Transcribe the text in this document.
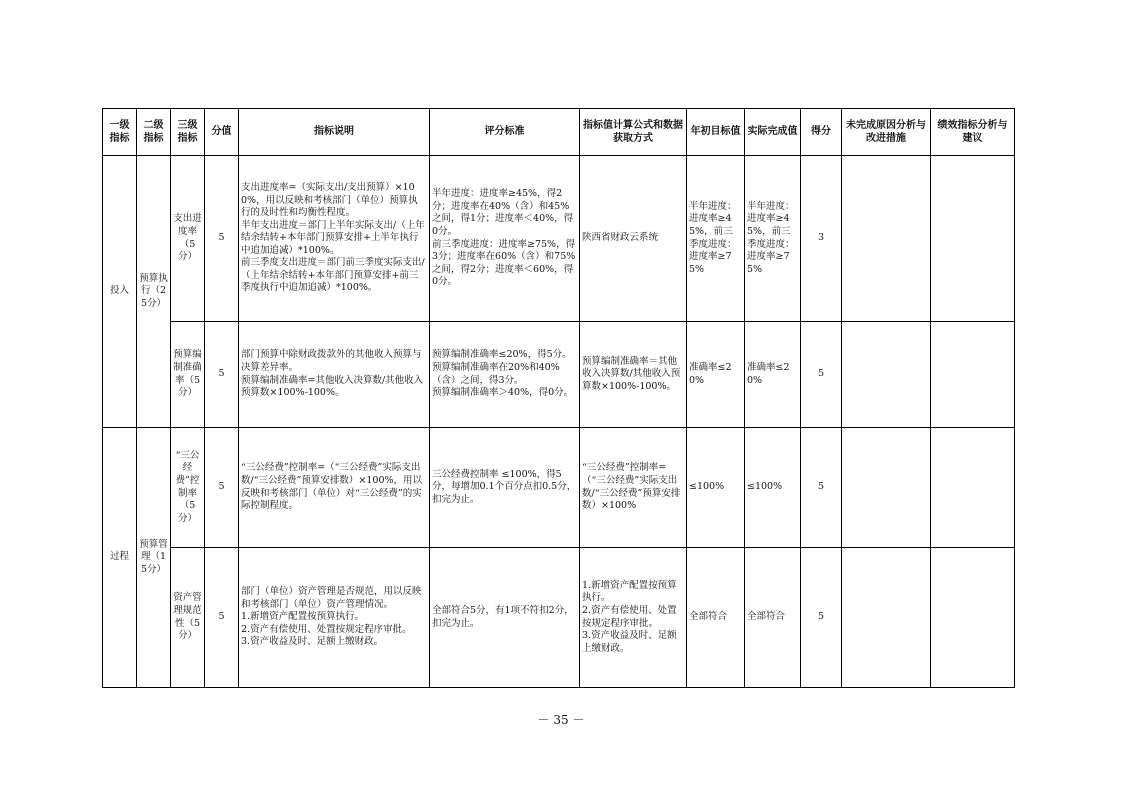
一级指标	二级指标	三级指标	分值	指标说明	评分标准	指标值计算公式和数据获取方式	年初目标值	实际完成值	得分	未完成原因分析与改进措施	绩效指标分析与建议
投入	预算执行（25分）	支出进度率（5分）	5	支出进度率=（实际支出/支出预算）×100%，用以反映和考核部门（单位）预算执行的及时性和均衡性程度。
半年支出进度＝部门上半年实际支出/（上年结余结转+本年部门预算安排+上半年执行中追加追减）*100%。
前三季度支出进度＝部门前三季度实际支出/（上年结余结转+本年部门预算安排+前三季度执行中追加追减）*100%。	半年进度：进度率≥45%，得2分；进度率在40%（含）和45%之间，得1分；进度率＜40%，得0分。
前三季度进度：进度率≥75%，得3分；进度率在60%（含）和75%之间，得2分；进度率＜60%，得0分。	陕西省财政云系统	半年进度：进度率≥45%，前三季度进度：进度率≥75%	半年进度：进度率≥45%，前三季度进度：进度率≥75%	3		
		预算编制准确率（5分）	5	部门预算中除财政拨款外的其他收入预算与决算差异率。
预算编制准确率=其他收入决算数/其他收入预算数×100%-100%。	预算编制准确率≤20%，得5分。
预算编制准确率在20%和40%（含）之间，得3分。
预算编制准确率＞40%，得0分。	预算编制准确率＝其他收入决算数/其他收入预算数×100%-100%。	准确率≤20%	准确率≤20%	5		
过程	预算管理（15分）	“三公经费”控制率（5分）	5	“三公经费”控制率=（“三公经费”实际支出数/“三公经费”预算安排数）×100%，用以反映和考核部门（单位）对“三公经费”的实际控制程度。	三公经费控制率 ≤100%，得5分，每增加0.1个百分点扣0.5分，扣完为止。	“三公经费”控制率=（“三公经费”实际支出数/“三公经费”预算安排数）×100%	≤100%	≤100%	5		
		资产管理规范性（5分）	5	部门（单位）资产管理是否规范，用以反映和考核部门（单位）资产管理情况。
1.新增资产配置按预算执行。
2.资产有偿使用、处置按规定程序审批。
3.资产收益及时、足额上缴财政。	全部符合5分，有1项不符扣2分，扣完为止。	1.新增资产配置按预算执行。
2.资产有偿使用、处置按规定程序审批。
3.资产收益及时、足额上缴财政。	全部符合	全部符合	5		
－ 35 －
